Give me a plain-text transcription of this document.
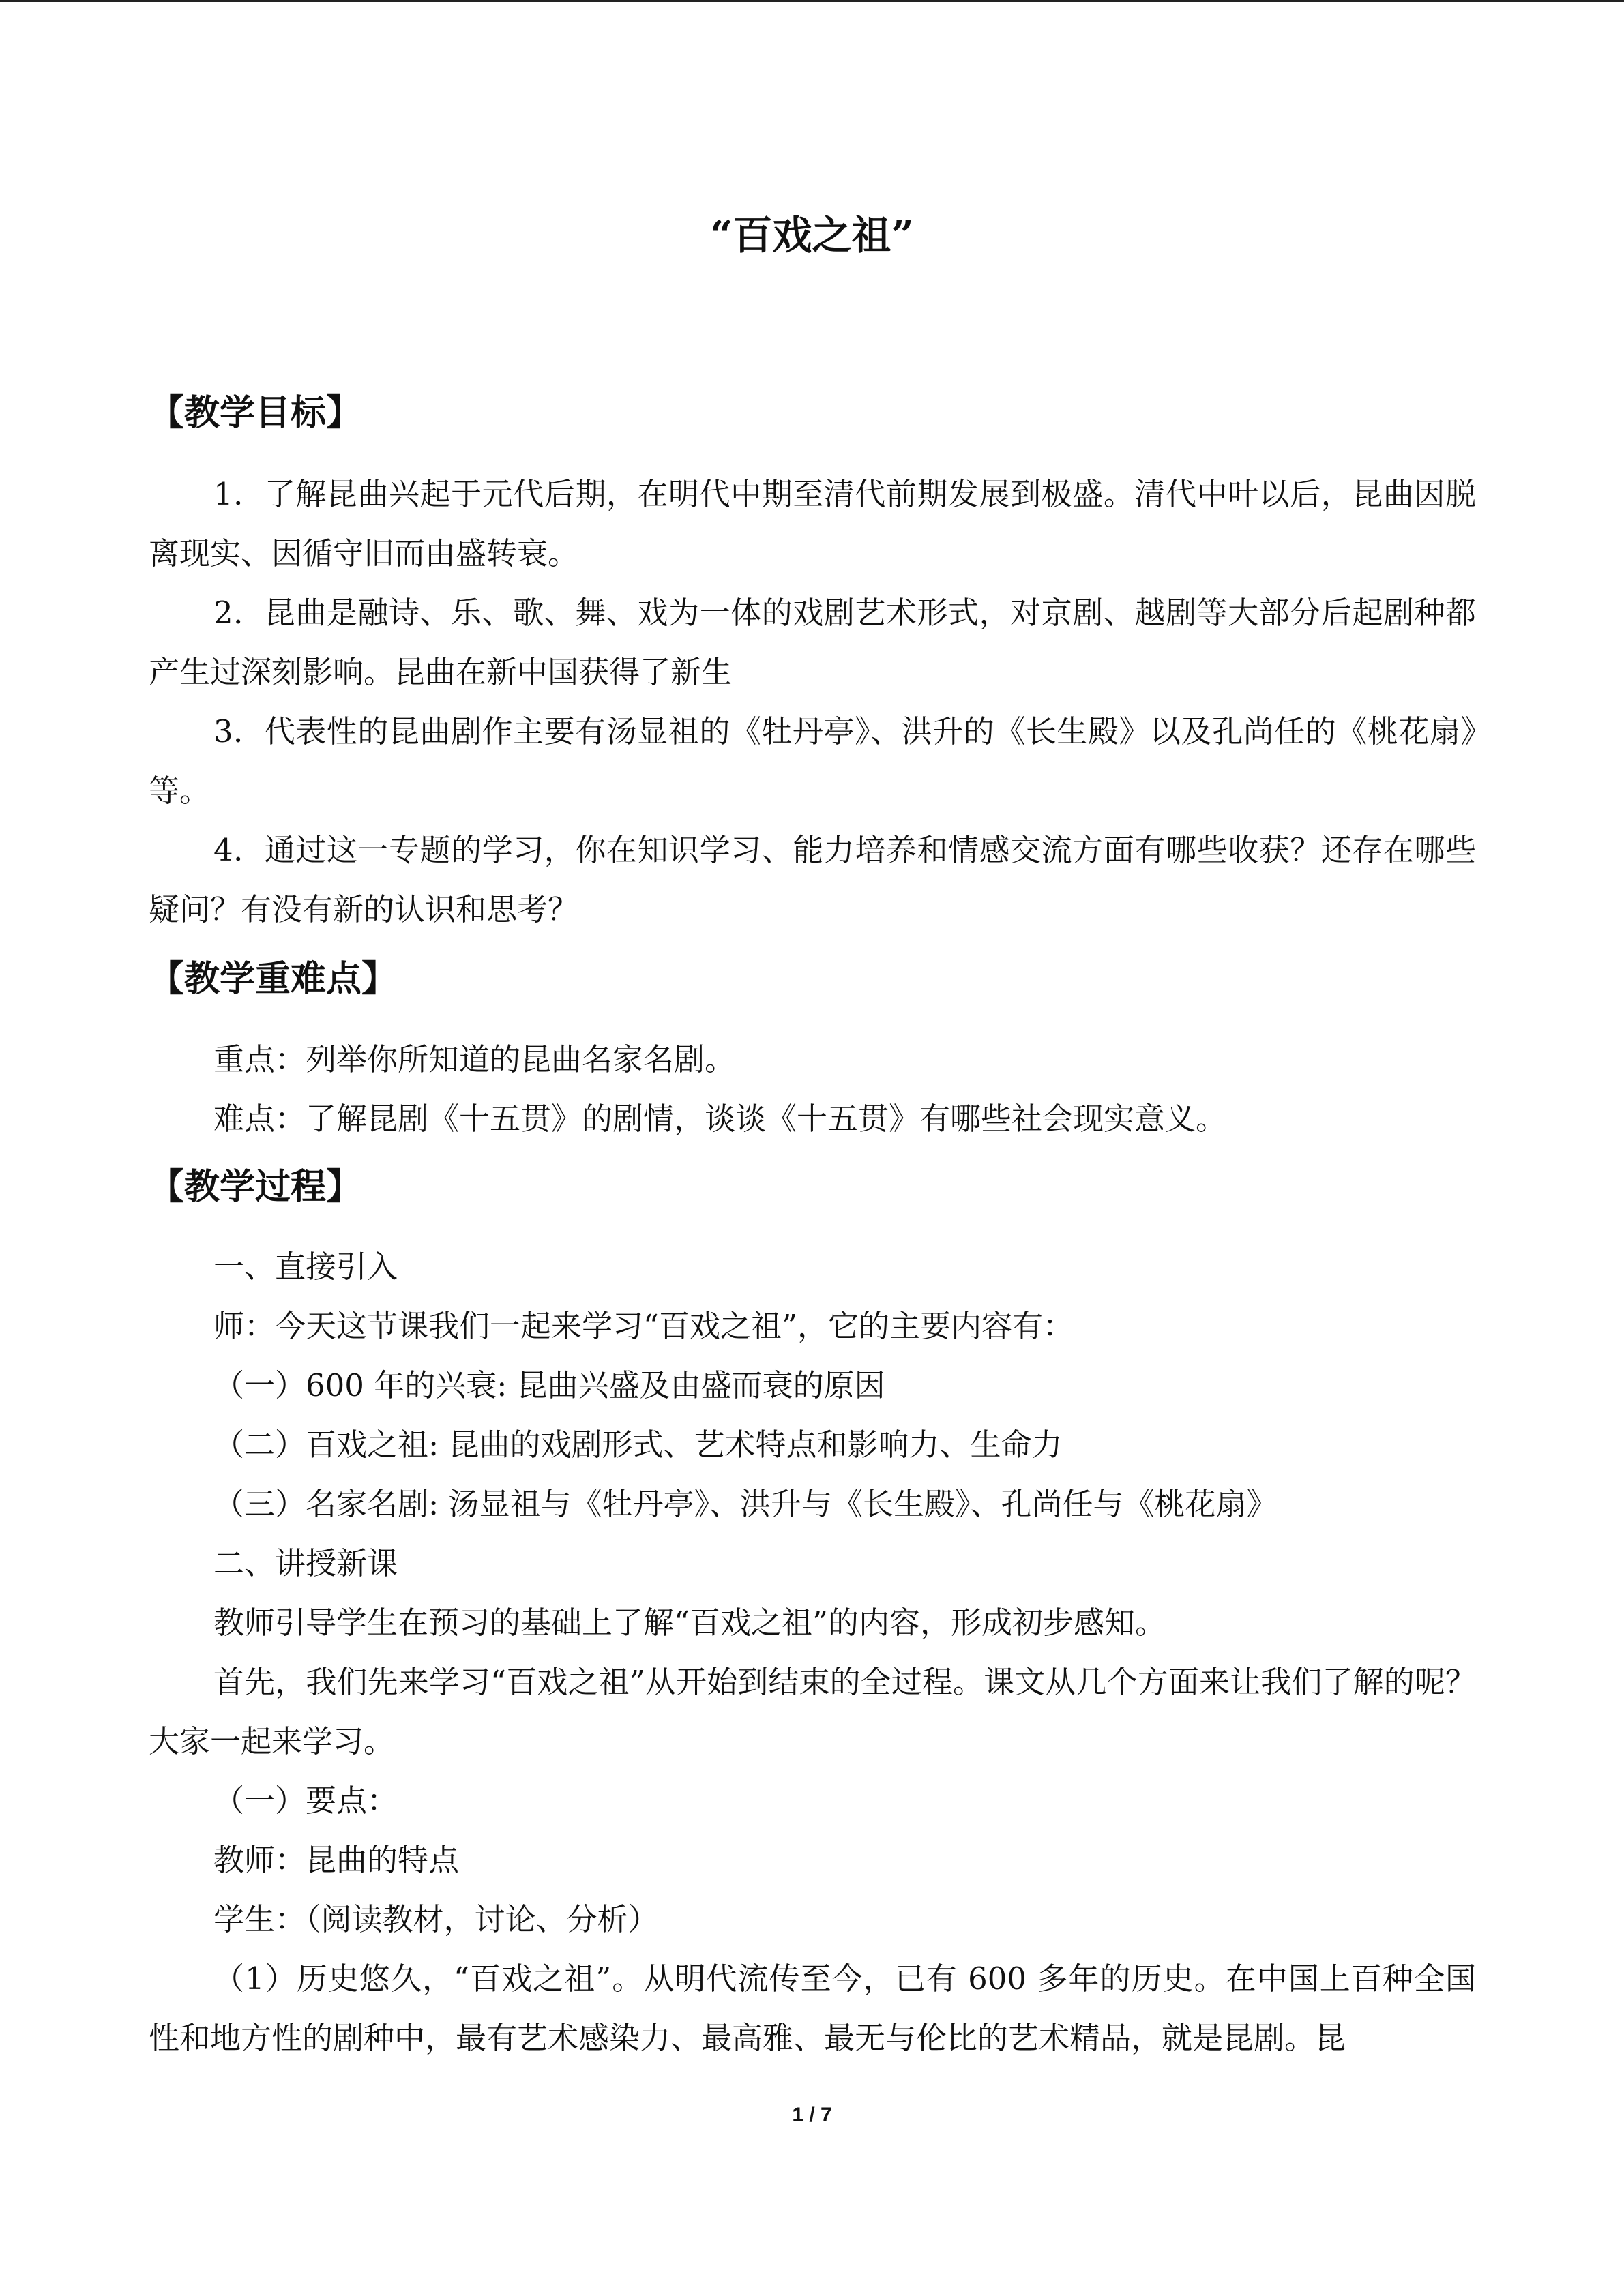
“百戏之祖”
【教学目标】

1．了解昆曲兴起于元代后期，在明代中期至清代前期发展到极盛。清代中叶以后，昆曲因脱离现实、因循守旧而由盛转衰。

2．昆曲是融诗、乐、歌、舞、戏为一体的戏剧艺术形式，对京剧、越剧等大部分后起剧种都产生过深刻影响。昆曲在新中国获得了新生

3．代表性的昆曲剧作主要有汤显祖的《牡丹亭》、洪升的《长生殿》以及孔尚任的《桃花扇》等。

4．通过这一专题的学习，你在知识学习、能力培养和情感交流方面有哪些收获？还存在哪些疑问？有没有新的认识和思考？

【教学重难点】

重点：列举你所知道的昆曲名家名剧。

难点：了解昆剧《十五贯》的剧情，谈谈《十五贯》有哪些社会现实意义。

【教学过程】

一、直接引入

师：今天这节课我们一起来学习“百戏之祖”，它的主要内容有：

（一）600 年的兴衰: 昆曲兴盛及由盛而衰的原因

（二）百戏之祖: 昆曲的戏剧形式、艺术特点和影响力、生命力

（三）名家名剧: 汤显祖与《牡丹亭》、洪升与《长生殿》、孔尚任与《桃花扇》

二、讲授新课

教师引导学生在预习的基础上了解“百戏之祖”的内容，形成初步感知。

首先，我们先来学习“百戏之祖”从开始到结束的全过程。课文从几个方面来让我们了解的呢？大家一起来学习。

（一）要点：

教师：昆曲的特点

学生：（阅读教材，讨论、分析）

（1）历史悠久，“百戏之祖”。从明代流传至今，已有 600 多年的历史。在中国上百种全国性和地方性的剧种中，最有艺术感染力、最高雅、最无与伦比的艺术精品，就是昆剧。昆

1 / 7
